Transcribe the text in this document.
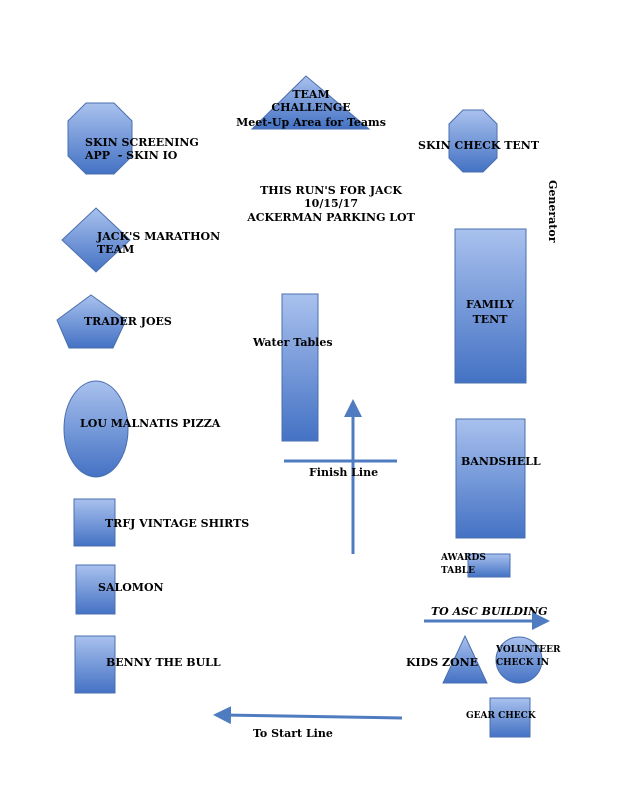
TEAM
CHALLENGE
Meet-Up Area for Teams
SKIN SCREENING
APP  - SKIN IO
SKIN CHECK TENT
Generator
THIS RUN'S FOR JACK
10/15/17
ACKERMAN PARKING LOT
JACK'S MARATHON
TEAM
FAMILY
TENT
TRADER JOES
Water Tables
LOU MALNATIS PIZZA
Finish Line
BANDSHELL
TRFJ VINTAGE SHIRTS
AWARDS
TABLE
SALOMON
TO ASC BUILDING
BENNY THE BULL	KIDS ZONE
VOLUNTEER
CHECK IN
GEAR CHECK
To Start Line
